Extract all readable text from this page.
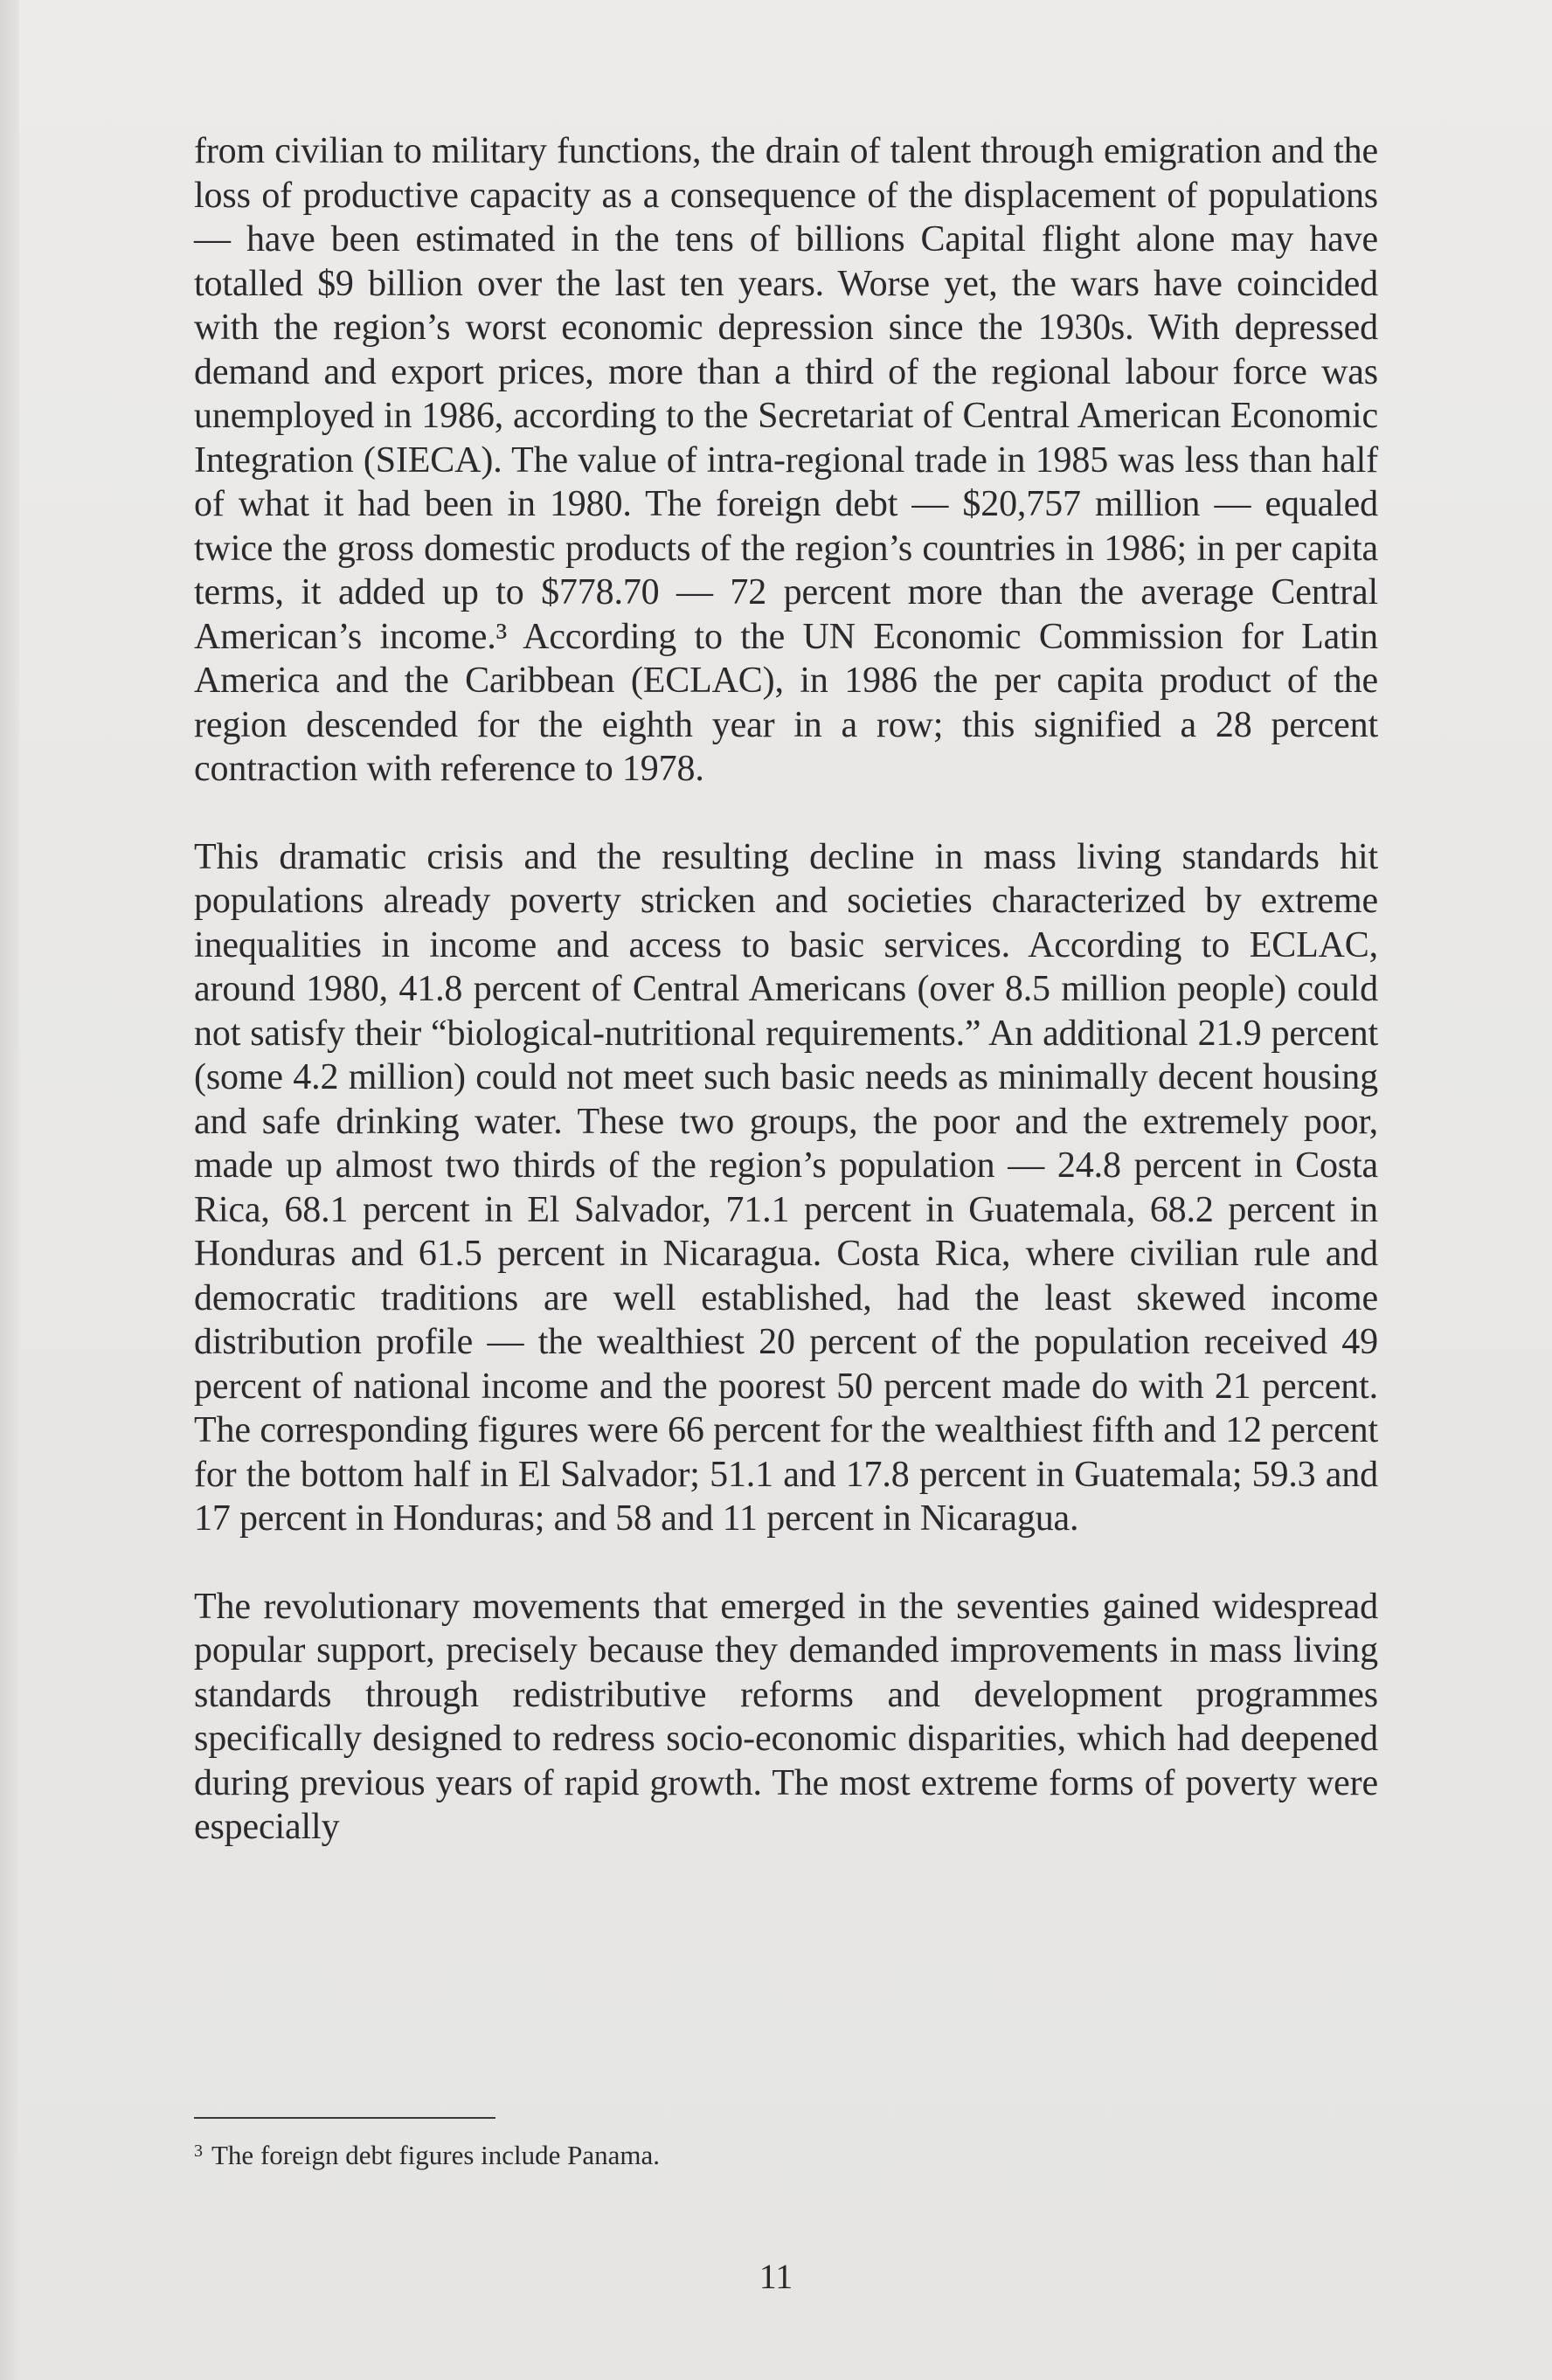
from civilian to military functions, the drain of talent through emigration and the loss of productive capacity as a consequence of the displacement of populations — have been estimated in the tens of billions Capital flight alone may have totalled $9 billion over the last ten years. Worse yet, the wars have coincided with the region’s worst economic depression since the 1930s. With depressed demand and export prices, more than a third of the regional labour force was unemployed in 1986, according to the Secretariat of Central American Economic Integration (SIECA). The value of intra-regional trade in 1985 was less than half of what it had been in 1980. The foreign debt — $20,757 million — equaled twice the gross domestic products of the region’s countries in 1986; in per capita terms, it added up to $778.70 — 72 percent more than the average Central American’s income.³ According to the UN Economic Commission for Latin America and the Caribbean (ECLAC), in 1986 the per capita product of the region descended for the eighth year in a row; this signified a 28 percent contraction with reference to 1978.

This dramatic crisis and the resulting decline in mass living standards hit populations already poverty stricken and societies characterized by extreme inequalities in income and access to basic services. According to ECLAC, around 1980, 41.8 percent of Central Americans (over 8.5 million people) could not satisfy their “biological-nutritional requirements.” An additional 21.9 percent (some 4.2 million) could not meet such basic needs as minimally decent housing and safe drinking water. These two groups, the poor and the extremely poor, made up almost two thirds of the region’s population — 24.8 percent in Costa Rica, 68.1 percent in El Salvador, 71.1 percent in Guatemala, 68.2 percent in Honduras and 61.5 percent in Nicaragua. Costa Rica, where civilian rule and democratic traditions are well established, had the least skewed income distribution profile — the wealthiest 20 percent of the population received 49 percent of national income and the poorest 50 percent made do with 21 percent. The corresponding figures were 66 percent for the wealthiest fifth and 12 percent for the bottom half in El Salvador; 51.1 and 17.8 percent in Guatemala; 59.3 and 17 percent in Honduras; and 58 and 11 percent in Nicaragua.

The revolutionary movements that emerged in the seventies gained widespread popular support, precisely because they demanded improvements in mass living standards through redistributive reforms and development programmes specifically designed to redress socio-economic disparities, which had deepened during previous years of rapid growth. The most extreme forms of poverty were especially

$^3$ The foreign debt figures include Panama.
11
